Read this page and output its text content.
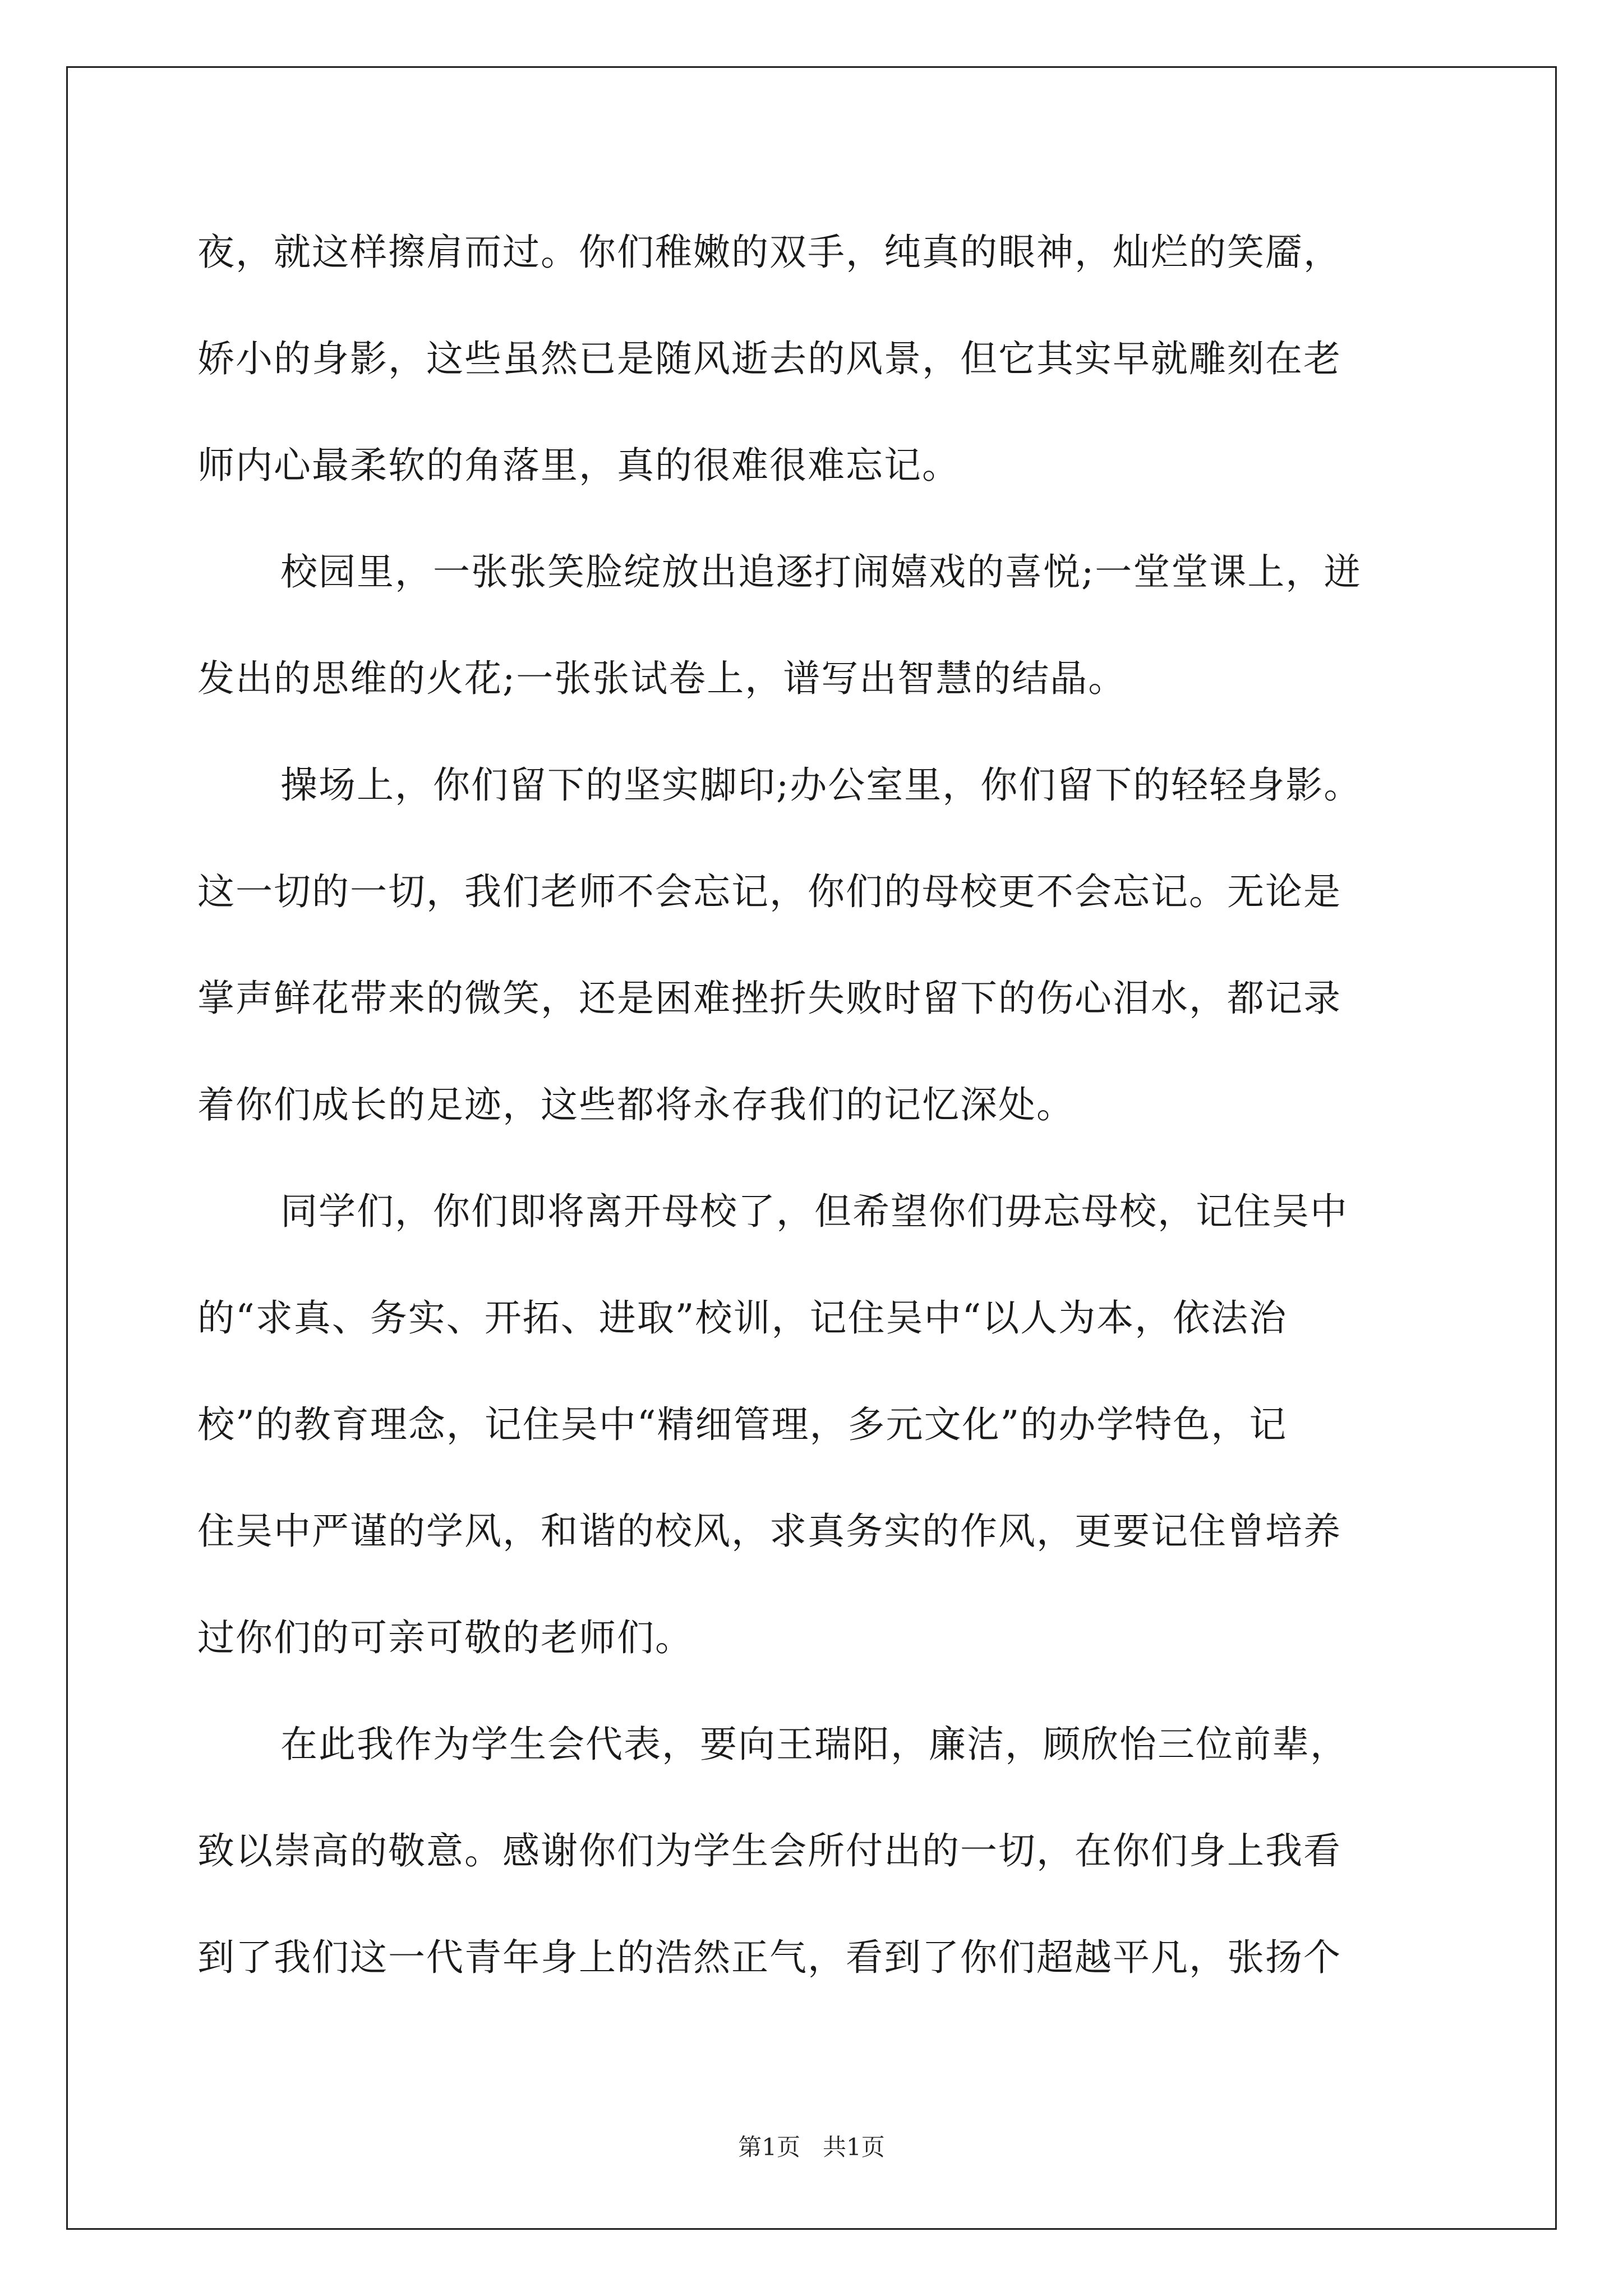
夜，就这样擦肩而过。你们稚嫩的双手，纯真的眼神，灿烂的笑靥，
娇小的身影，这些虽然已是随风逝去的风景，但它其实早就雕刻在老
师内心最柔软的角落里，真的很难很难忘记。

校园里，一张张笑脸绽放出追逐打闹嬉戏的喜悦;一堂堂课上，迸
发出的思维的火花;一张张试卷上，谱写出智慧的结晶。

操场上，你们留下的坚实脚印;办公室里，你们留下的轻轻身影。
这一切的一切，我们老师不会忘记，你们的母校更不会忘记。无论是
掌声鲜花带来的微笑，还是困难挫折失败时留下的伤心泪水，都记录
着你们成长的足迹，这些都将永存我们的记忆深处。

同学们，你们即将离开母校了，但希望你们毋忘母校，记住吴中
的“求真、务实、开拓、进取”校训，记住吴中“以人为本，依法治
校”的教育理念，记住吴中“精细管理，多元文化”的办学特色，记
住吴中严谨的学风，和谐的校风，求真务实的作风，更要记住曾培养
过你们的可亲可敬的老师们。

在此我作为学生会代表，要向王瑞阳，廉洁，顾欣怡三位前辈，
致以崇高的敬意。感谢你们为学生会所付出的一切，在你们身上我看
到了我们这一代青年身上的浩然正气，看到了你们超越平凡，张扬个

第1页   共1页
